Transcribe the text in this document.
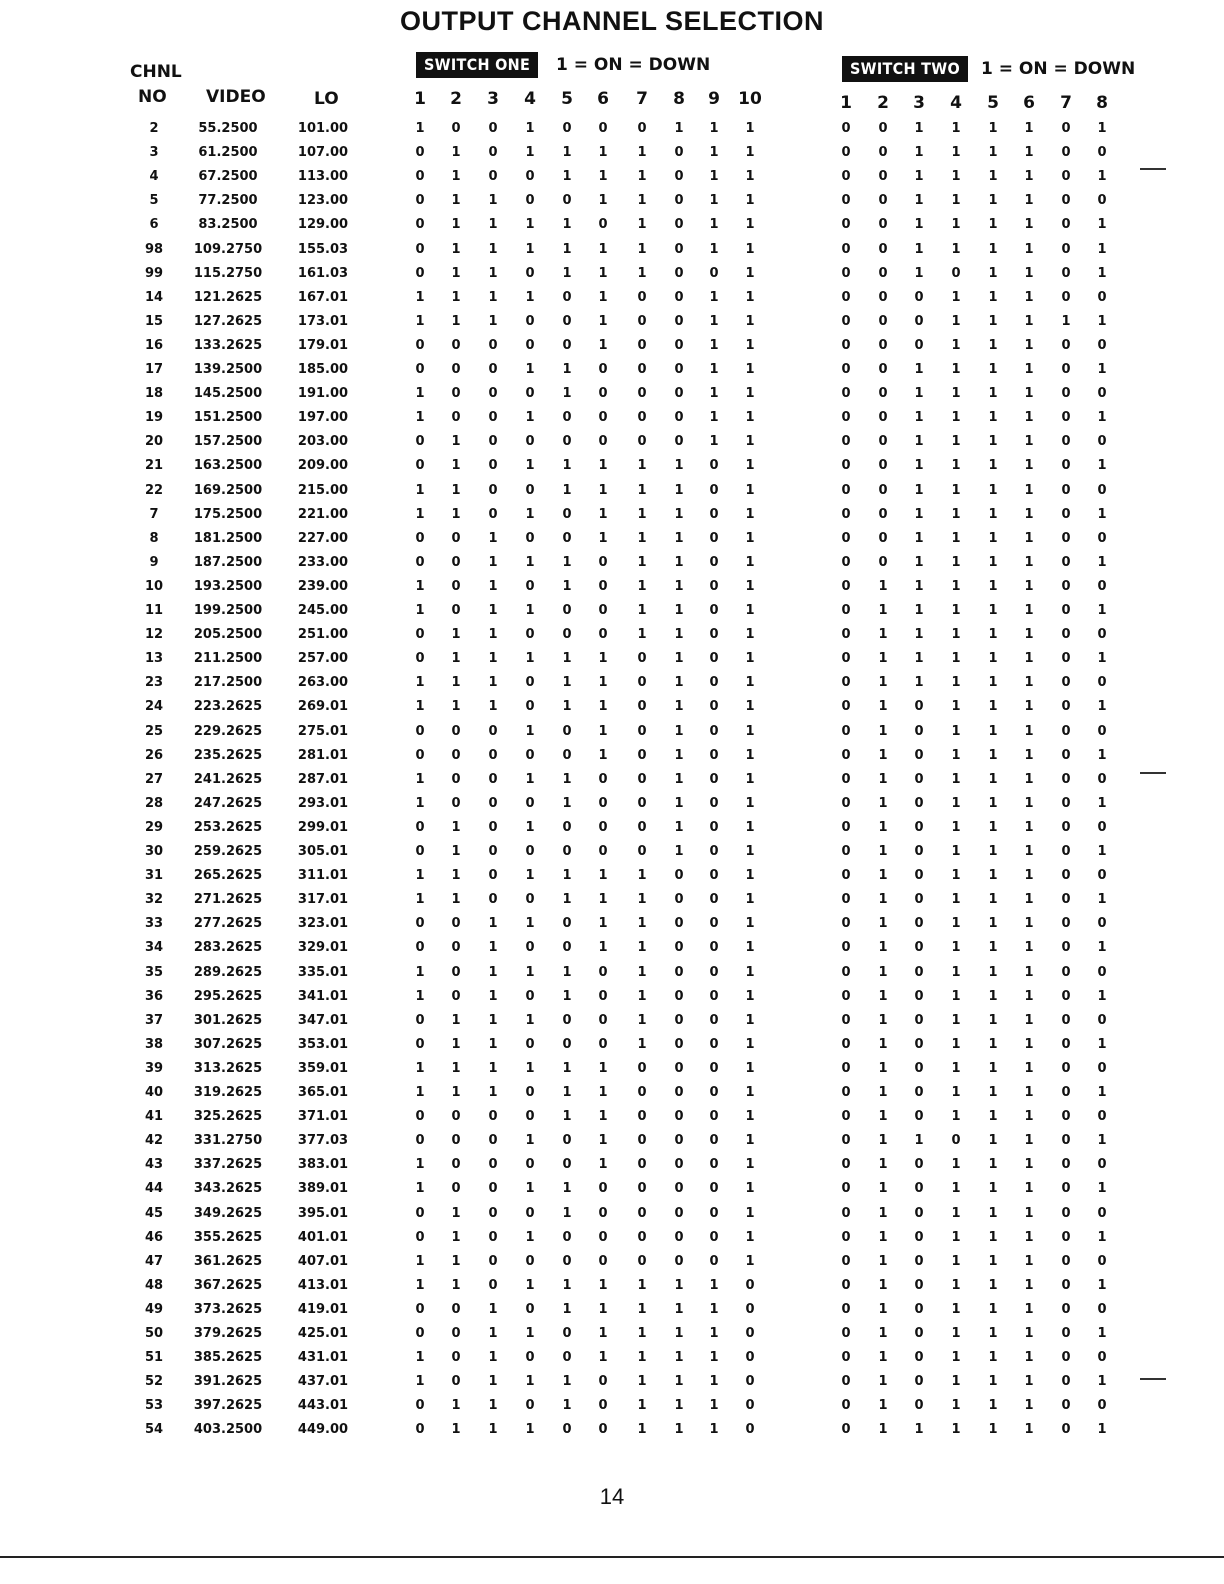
OUTPUT CHANNEL SELECTION
SWITCH ONE	1 = ON = DOWN	SWITCH TWO	1 = ON = DOWN
CHNL
NO VIDEO	LO	1 2 3 4 5 6 7 8 9 10	1 2 3 4 5 6 7 8
2	55.2500	101.00	1 0 0 1 0 0 0 1 1 1	0 0 1 1 1 1 0 1
3	61.2500	107.00	0 1 0 1 1 1 1 0 1 1	0 0 1 1 1 1 0 0
4	67.2500	113.00	0 1 0 0 1 1 1 0 1 1	0 0 1 1 1 1 0 1
5	77.2500	123.00	0 1 1 0 0 1 1 0 1 1	0 0 1 1 1 1 0 0
6	83.2500	129.00	0 1 1 1 1 0 1 0 1 1	0 0 1 1 1 1 0 1
98 109.2750	155.03	0 1 1 1 1 1 1 0 1 1	0 0 1 1 1 1 0 1
99 115.2750	161.03	0 1 1 0 1 1 1 0 0 1	0 0 1 0 1 1 0 1
14 121.2625	167.01	1 1 1 1 0 1 0 0 1 1	0 0 0 1 1 1 0 0
15 127.2625	173.01	1 1 1 0 0 1 0 0 1 1	0 0 0 1 1 1 1 1
16 133.2625	179.01	0 0 0 0 0 1 0 0 1 1	0 0 0 1 1 1 0 0
17 139.2500	185.00	0 0 0 1 1 0 0 0 1 1	0 0 1 1 1 1 0 1
18 145.2500	191.00	1 0 0 0 1 0 0 0 1 1	0 0 1 1 1 1 0 0
19 151.2500	197.00	1 0 0 1 0 0 0 0 1 1	0 0 1 1 1 1 0 1
20 157.2500	203.00	0 1 0 0 0 0 0 0 1 1	0 0 1 1 1 1 0 0
21 163.2500	209.00	0 1 0 1 1 1 1 1 0 1	0 0 1 1 1 1 0 1
22 169.2500	215.00	1 1 0 0 1 1 1 1 0 1	0 0 1 1 1 1 0 0
7	175.2500	221.00	1 1 0 1 0 1 1 1 0 1	0 0 1 1 1 1 0 1
8	181.2500	227.00	0 0 1 0 0 1 1 1 0 1	0 0 1 1 1 1 0 0
9	187.2500	233.00	0 0 1 1 1 0 1 1 0 1	0 0 1 1 1 1 0 1
10 193.2500	239.00	1 0 1 0 1 0 1 1 0 1	0 1 1 1 1 1 0 0
11 199.2500	245.00	1 0 1 1 0 0 1 1 0 1	0 1 1 1 1 1 0 1
12 205.2500	251.00	0 1 1 0 0 0 1 1 0 1	0 1 1 1 1 1 0 0
13 211.2500	257.00	0 1 1 1 1 1 0 1 0 1	0 1 1 1 1 1 0 1
23 217.2500	263.00	1 1 1 0 1 1 0 1 0 1	0 1 1 1 1 1 0 0
24 223.2625	269.01	1 1 1 0 1 1 0 1 0 1	0 1 0 1 1 1 0 1
25 229.2625	275.01	0 0 0 1 0 1 0 1 0 1	0 1 0 1 1 1 0 0
26 235.2625	281.01	0 0 0 0 0 1 0 1 0 1	0 1 0 1 1 1 0 1
27 241.2625	287.01	1 0 0 1 1 0 0 1 0 1	0 1 0 1 1 1 0 0
28 247.2625	293.01	1 0 0 0 1 0 0 1 0 1	0 1 0 1 1 1 0 1
29 253.2625	299.01	0 1 0 1 0 0 0 1 0 1	0 1 0 1 1 1 0 0
30 259.2625	305.01	0 1 0 0 0 0 0 1 0 1	0 1 0 1 1 1 0 1
31 265.2625	311.01	1 1 0 1 1 1 1 0 0 1	0 1 0 1 1 1 0 0
32 271.2625	317.01	1 1 0 0 1 1 1 0 0 1	0 1 0 1 1 1 0 1
33 277.2625	323.01	0 0 1 1 0 1 1 0 0 1	0 1 0 1 1 1 0 0
34 283.2625	329.01	0 0 1 0 0 1 1 0 0 1	0 1 0 1 1 1 0 1
35 289.2625	335.01	1 0 1 1 1 0 1 0 0 1	0 1 0 1 1 1 0 0
36 295.2625	341.01	1 0 1 0 1 0 1 0 0 1	0 1 0 1 1 1 0 1
37 301.2625	347.01	0 1 1 1 0 0 1 0 0 1	0 1 0 1 1 1 0 0
38 307.2625	353.01	0 1 1 0 0 0 1 0 0 1	0 1 0 1 1 1 0 1
39 313.2625	359.01	1 1 1 1 1 1 0 0 0 1	0 1 0 1 1 1 0 0
40 319.2625	365.01	1 1 1 0 1 1 0 0 0 1	0 1 0 1 1 1 0 1
41 325.2625	371.01	0 0 0 0 1 1 0 0 0 1	0 1 0 1 1 1 0 0
42 331.2750	377.03	0 0 0 1 0 1 0 0 0 1	0 1 1 0 1 1 0 1
43 337.2625	383.01	1 0 0 0 0 1 0 0 0 1	0 1 0 1 1 1 0 0
44 343.2625	389.01	1 0 0 1 1 0 0 0 0 1	0 1 0 1 1 1 0 1
45 349.2625	395.01	0 1 0 0 1 0 0 0 0 1	0 1 0 1 1 1 0 0
46 355.2625	401.01	0 1 0 1 0 0 0 0 0 1	0 1 0 1 1 1 0 1
47 361.2625	407.01	1 1 0 0 0 0 0 0 0 1	0 1 0 1 1 1 0 0
48 367.2625	413.01	1 1 0 1 1 1 1 1 1 0	0 1 0 1 1 1 0 1
49 373.2625	419.01	0 0 1 0 1 1 1 1 1 0	0 1 0 1 1 1 0 0
50 379.2625	425.01	0 0 1 1 0 1 1 1 1 0	0 1 0 1 1 1 0 1
51 385.2625	431.01	1 0 1 0 0 1 1 1 1 0	0 1 0 1 1 1 0 0
52 391.2625	437.01	1 0 1 1 1 0 1 1 1 0	0 1 0 1 1 1 0 1
53 397.2625	443.01	0 1 1 0 1 0 1 1 1 0	0 1 0 1 1 1 0 0
54 403.2500	449.00	0 1 1 1 0 0 1 1 1 0	0 1 1 1 1 1 0 1
14
